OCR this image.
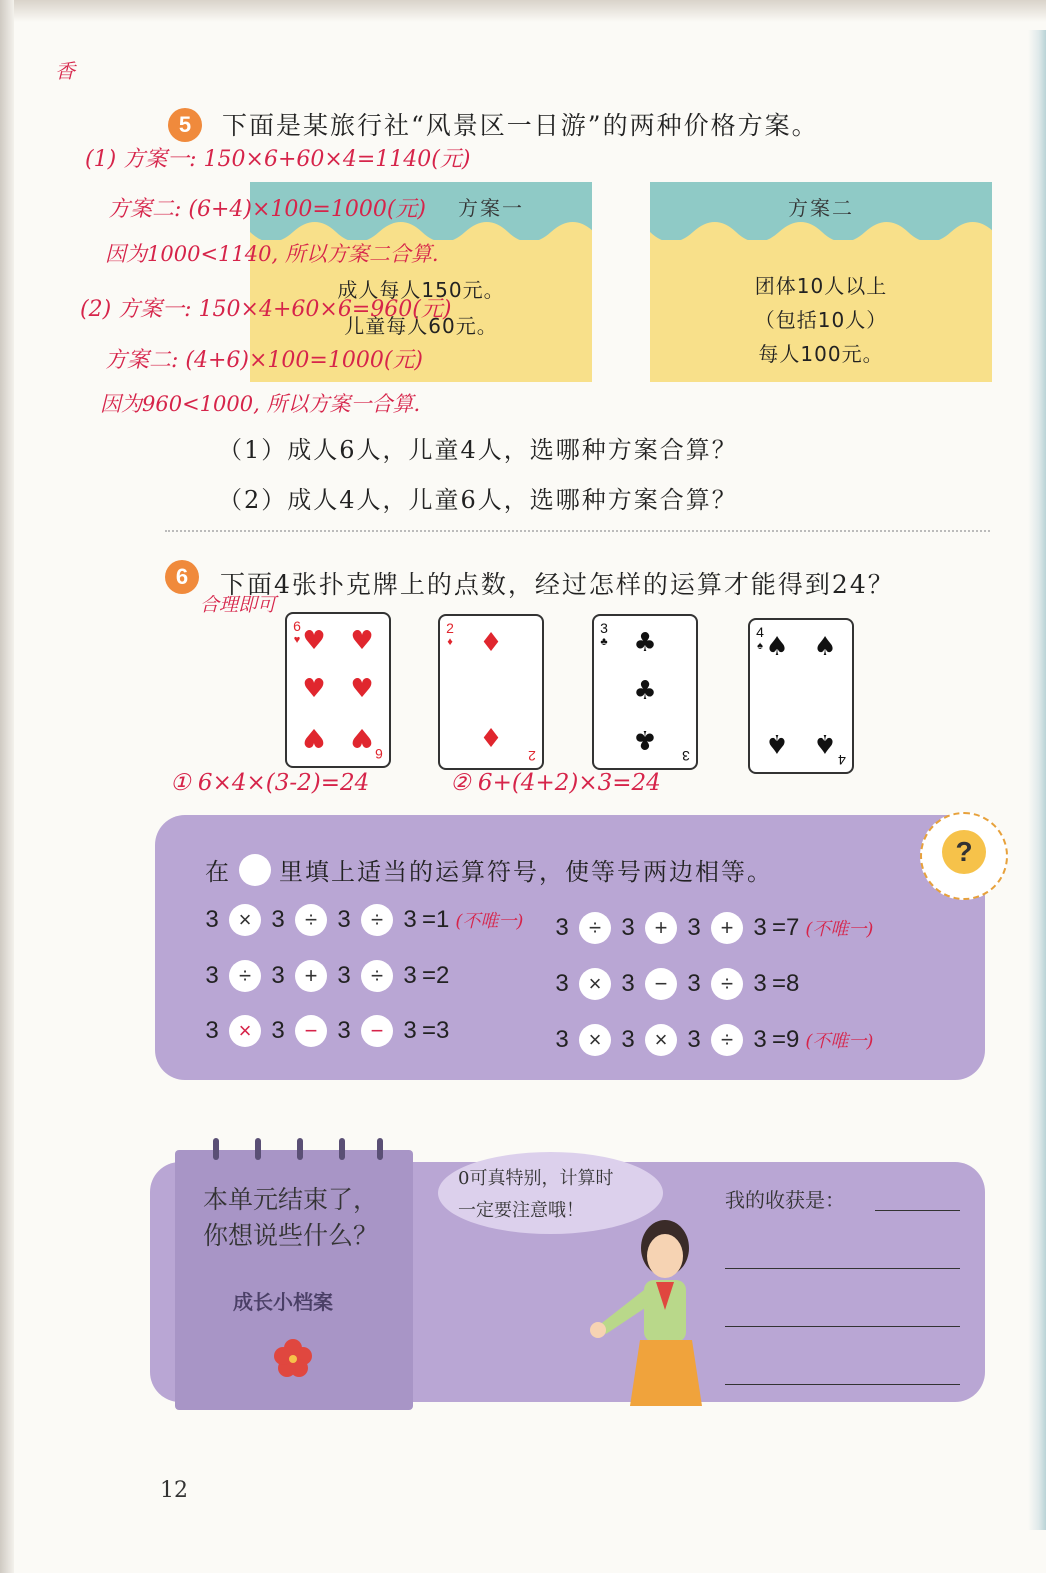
香
5	下面是某旅行社“风景区一日游”的两种价格方案。
方案一
成人每人150元。
儿童每人60元。
方案二
团体10人以上
（包括10人）
每人100元。
(1) 方案一: 150×6+60×4=1140(元)
方案二: (6+4)×100=1000(元)
因为1000<1140, 所以方案二合算.
(2) 方案一: 150×4+60×6=960(元)
方案二: (4+6)×100=1000(元)
因为960<1000, 所以方案一合算.
（1）成人6人，儿童4人，选哪种方案合算？
（2）成人4人，儿童6人，选哪种方案合算？
6	下面4张扑克牌上的点数，经过怎样的运算才能得到24？
合理即可
6
♥ ♥ ♥
♥ ♥
♥ ♥
6
2
♦ ♦
♦
2
3
♣ ♣
♣
♣
3
4
♠ ♠ ♠
♠ ♠
4
① 6×4×(3-2)=24	② 6+(4+2)×3=24
?
在 里填上适当的运算符号，使等号两边相等。
3 × 3 ÷ 3 ÷ 3 =1 (不唯一)
3 ÷ 3 + 3 ÷ 3 =2
3 × 3 − 3 − 3 =3
3 ÷ 3 + 3 + 3 =7 (不唯一)
3 × 3 − 3 ÷ 3 =8
3 × 3 × 3 ÷ 3 =9 (不唯一)
本单元结束了，
你想说些什么？
成长小档案
0可真特别，计算时
一定要注意哦！	我的收获是：
12
